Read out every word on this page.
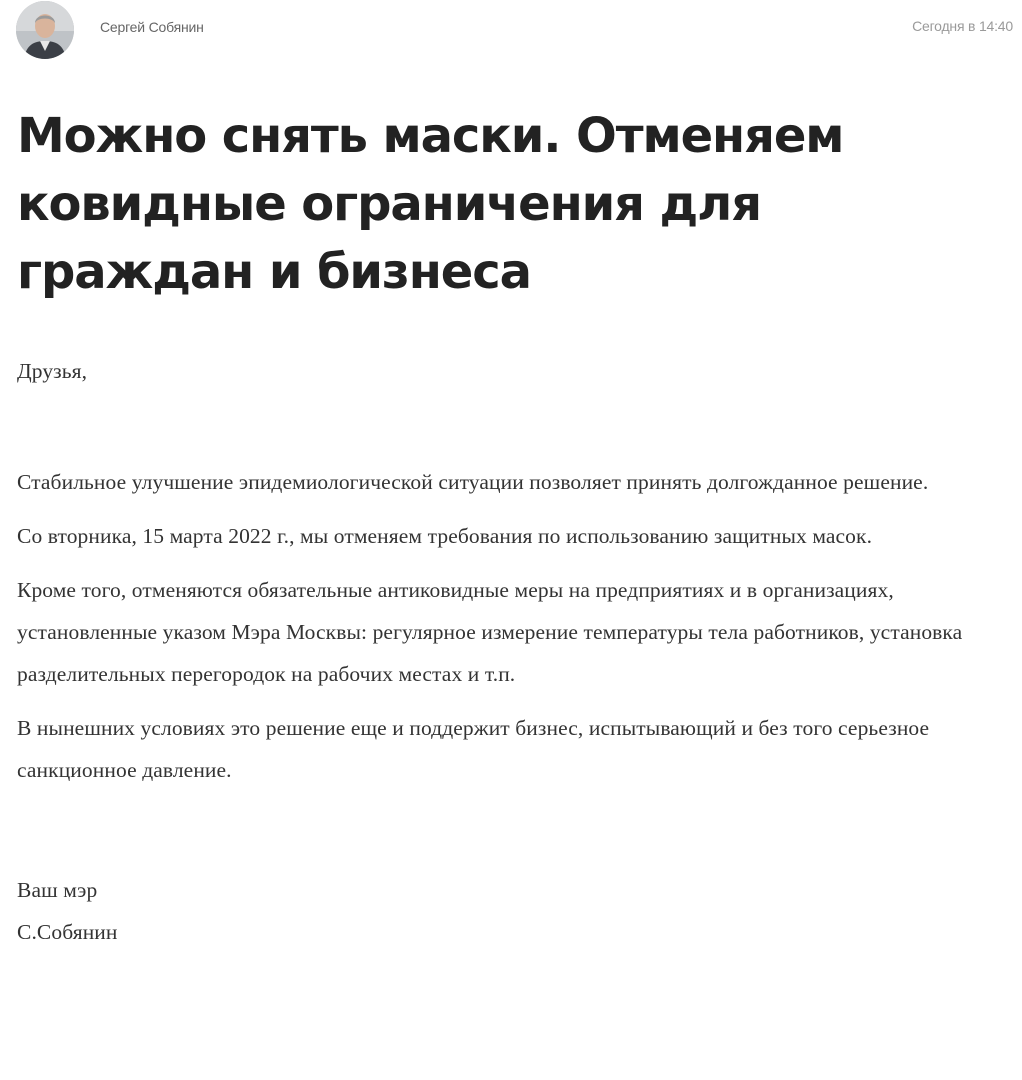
Сергей Собянин	Сегодня в 14:40
Можно снять маски. Отменяем ковидные ограничения для граждан и бизнеса

Друзья,

Стабильное улучшение эпидемиологической ситуации позволяет принять долгожданное решение.

Со вторника, 15 марта 2022 г., мы отменяем требования по использованию защитных масок.

Кроме того, отменяются обязательные антиковидные меры на предприятиях и в организациях, установленные указом Мэра Москвы: регулярное измерение температуры тела работников, установка разделительных перегородок на рабочих местах и т.п.

В нынешних условиях это решение еще и поддержит бизнес, испытывающий и без того серьезное санкционное давление.

Ваш мэр

С.Собянин
